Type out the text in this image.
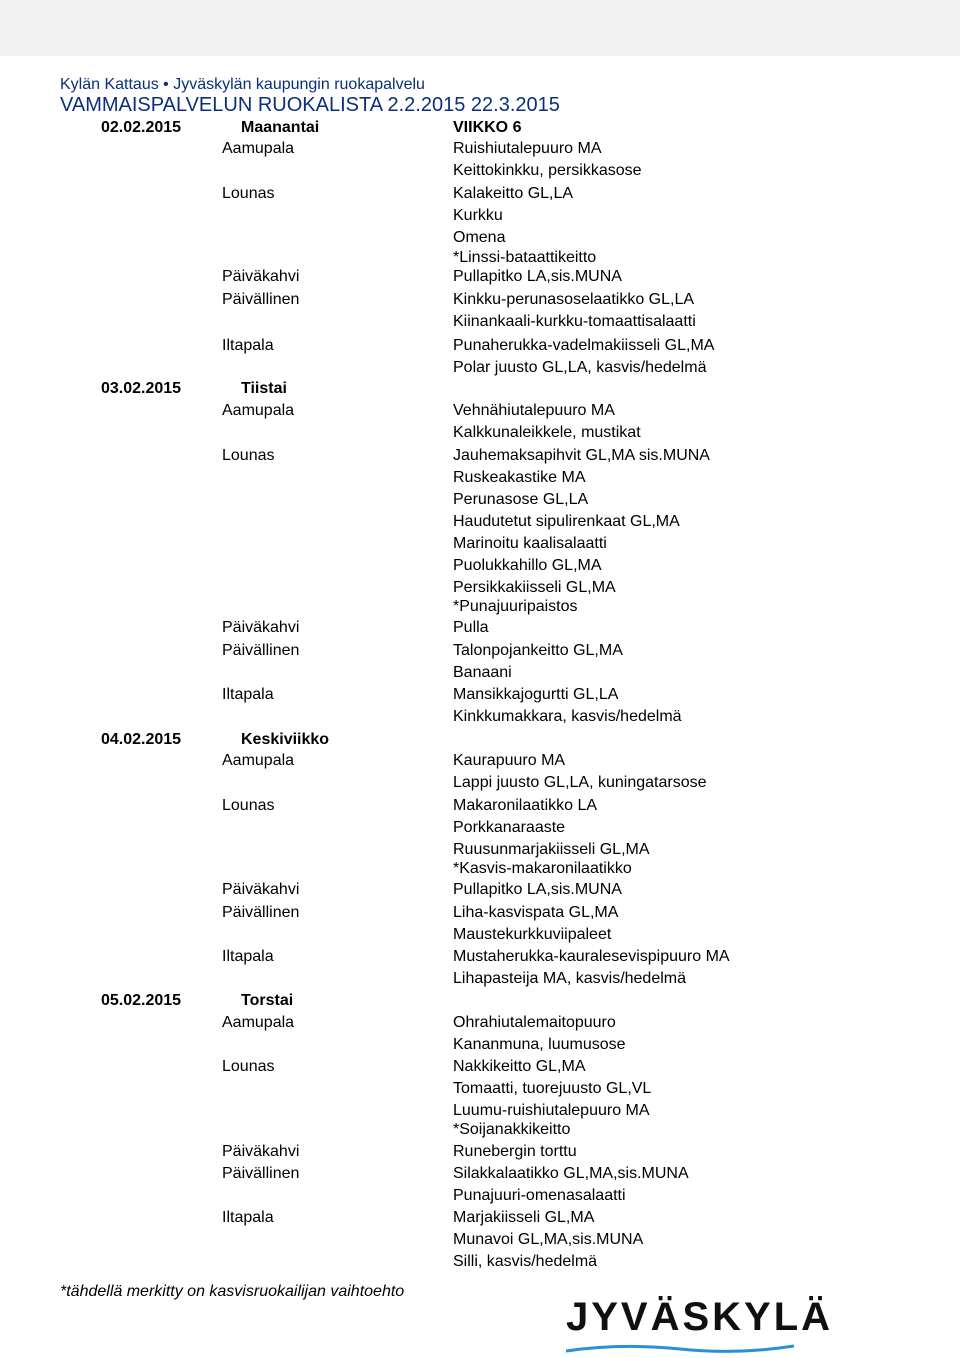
Kylän Kattaus • Jyväskylän kaupungin ruokapalvelu
VAMMAISPALVELUN RUOKALISTA 2.2.2015 22.3.2015
02.02.2015	Maanantai	VIIKKO 6
Aamupala	Ruishiutalepuuro MA
Keittokinkku, persikkasose
Lounas	Kalakeitto GL,LA
Kurkku
Omena
*Linssi-bataattikeitto
Päiväkahvi	Pullapitko LA,sis.MUNA
Päivällinen	Kinkku-perunasoselaatikko GL,LA
Kiinankaali-kurkku-tomaattisalaatti
Iltapala	Punaherukka-vadelmakiisseli GL,MA
Polar juusto GL,LA, kasvis/hedelmä
03.02.2015	Tiistai
Aamupala	Vehnähiutalepuuro MA
Kalkkunaleikkele, mustikat
Lounas	Jauhemaksapihvit GL,MA sis.MUNA
Ruskeakastike MA
Perunasose GL,LA
Haudutetut sipulirenkaat GL,MA
Marinoitu kaalisalaatti
Puolukkahillo GL,MA
Persikkakiisseli GL,MA
*Punajuuripaistos
Päiväkahvi	Pulla
Päivällinen	Talonpojankeitto GL,MA
Banaani
Iltapala	Mansikkajogurtti GL,LA
Kinkkumakkara, kasvis/hedelmä
04.02.2015	Keskiviikko
Aamupala	Kaurapuuro MA
Lappi juusto GL,LA, kuningatarsose
Lounas	Makaronilaatikko LA
Porkkanaraaste
Ruusunmarjakiisseli GL,MA
*Kasvis-makaronilaatikko
Päiväkahvi	Pullapitko LA,sis.MUNA
Päivällinen	Liha-kasvispata GL,MA
Maustekurkkuviipaleet
Iltapala	Mustaherukka-kauralesevispipuuro MA
Lihapasteija MA, kasvis/hedelmä
05.02.2015	Torstai
Aamupala	Ohrahiutalemaitopuuro
Kananmuna, luumusose
Lounas	Nakkikeitto GL,MA
Tomaatti, tuorejuusto GL,VL
Luumu-ruishiutalepuuro MA
*Soijanakkikeitto
Päiväkahvi	Runebergin torttu
Päivällinen	Silakkalaatikko GL,MA,sis.MUNA
Punajuuri-omenasalaatti
Iltapala	Marjakiisseli GL,MA
Munavoi GL,MA,sis.MUNA
Silli, kasvis/hedelmä
*tähdellä merkitty on kasvisruokailijan vaihtoehto
JYVÄSKYLÄ
